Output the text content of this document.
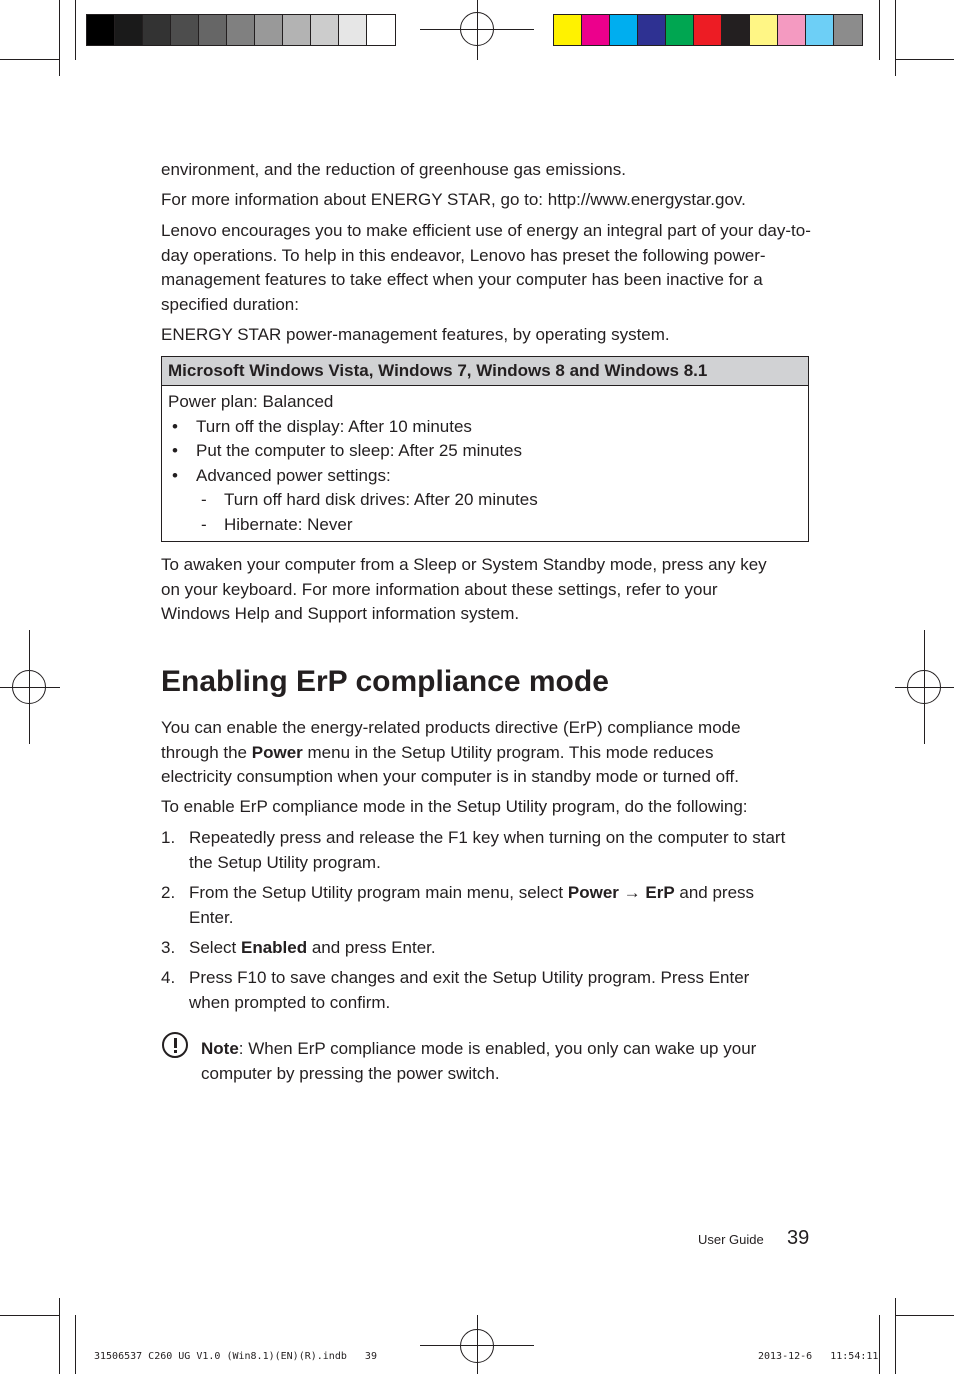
environment, and the reduction of greenhouse gas emissions.

For more information about ENERGY STAR, go to: http://www.energystar.gov.

Lenovo encourages you to make efficient use of energy an integral part of your day-to-day operations. To help in this endeavor, Lenovo has preset the following power-management features to take effect when your computer has been inactive for a specified duration:

ENERGY STAR power-management features, by operating system.

Microsoft Windows Vista, Windows 7, Windows 8 and Windows 8.1
Power plan: Balanced
• Turn off the display: After 10 minutes
• Put the computer to sleep: After 25 minutes
• Advanced power settings:
- Turn off hard disk drives: After 20 minutes
- Hibernate: Never

To awaken your computer from a Sleep or System Standby mode, press any key on your keyboard. For more information about these settings, refer to your Windows Help and Support information system.

Enabling ErP compliance mode

You can enable the energy-related products directive (ErP) compliance mode through the Power menu in the Setup Utility program. This mode reduces electricity consumption when your computer is in standby mode or turned off.

To enable ErP compliance mode in the Setup Utility program, do the following:

1. Repeatedly press and release the F1 key when turning on the computer to start the Setup Utility program.
2. From the Setup Utility program main menu, select Power → ErP and press Enter.
3. Select Enabled and press Enter.
4. Press F10 to save changes and exit the Setup Utility program. Press Enter when prompted to confirm.
Note: When ErP compliance mode is enabled, you only can wake up your computer by pressing the power switch.
User Guide 39
31506537 C260 UG V1.0 (Win8.1)(EN)(R).indb   39	2013-12-6   11:54:11
